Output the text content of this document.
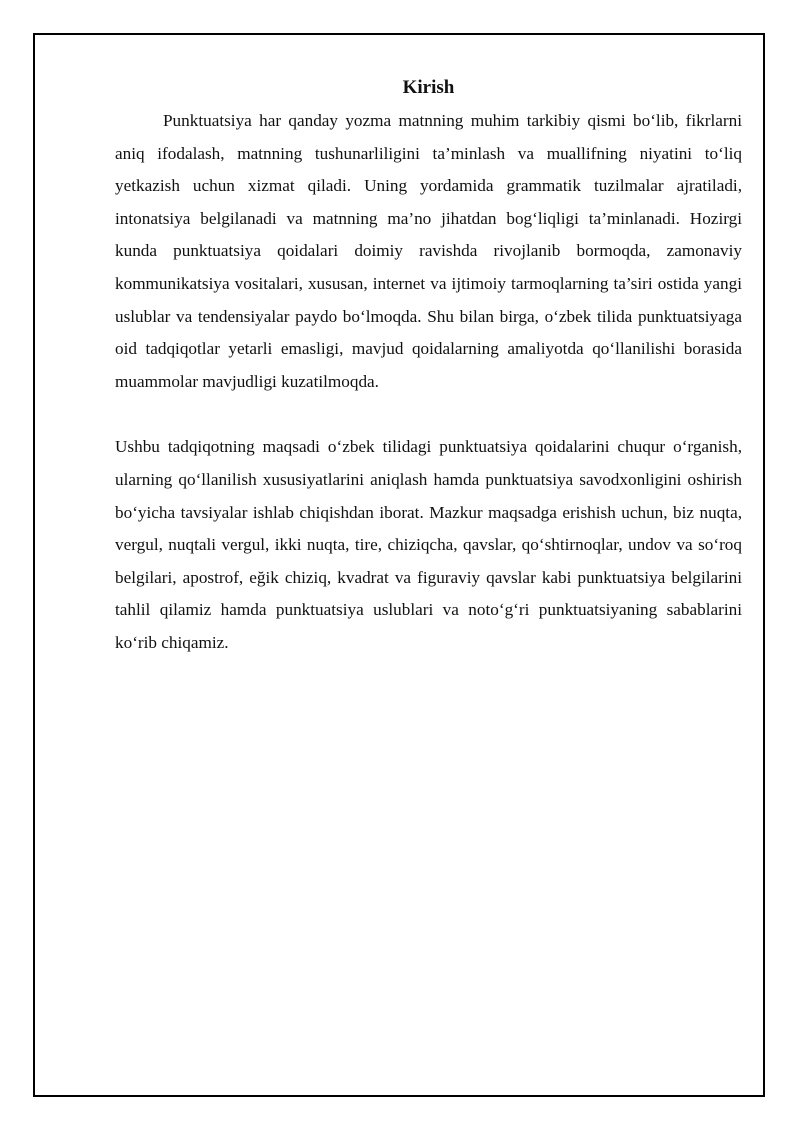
Kirish

Punktuatsiya har qanday yozma matnning muhim tarkibiy qismi bo‘lib, fikrlarni aniq ifodalash, matnning tushunarliligini ta’minlash va muallifning niyatini to‘liq yetkazish uchun xizmat qiladi. Uning yordamida grammatik tuzilmalar ajratiladi, intonatsiya belgilanadi va matnning ma’no jihatdan bog‘liqligi ta’minlanadi. Hozirgi kunda punktuatsiya qoidalari doimiy ravishda rivojlanib bormoqda, zamonaviy kommunikatsiya vositalari, xususan, internet va ijtimoiy tarmoqlarning ta’siri ostida yangi uslublar va tendensiyalar paydo bo‘lmoqda. Shu bilan birga, o‘zbek tilida punktuatsiyaga oid tadqiqotlar yetarli emasligi, mavjud qoidalarning amaliyotda qo‘llanilishi borasida muammolar mavjudligi kuzatilmoqda.

Ushbu tadqiqotning maqsadi o‘zbek tilidagi punktuatsiya qoidalarini chuqur o‘rganish, ularning qo‘llanilish xususiyatlarini aniqlash hamda punktuatsiya savodxonligini oshirish bo‘yicha tavsiyalar ishlab chiqishdan iborat. Mazkur maqsadga erishish uchun, biz nuqta, vergul, nuqtali vergul, ikki nuqta, tire, chiziqcha, qavslar, qo‘shtirnoqlar, undov va so‘roq belgilari, apostrof, eğik chiziq, kvadrat va figuraviy qavslar kabi punktuatsiya belgilarini tahlil qilamiz hamda punktuatsiya uslublari va noto‘g‘ri punktuatsiyaning sabablarini ko‘rib chiqamiz.
